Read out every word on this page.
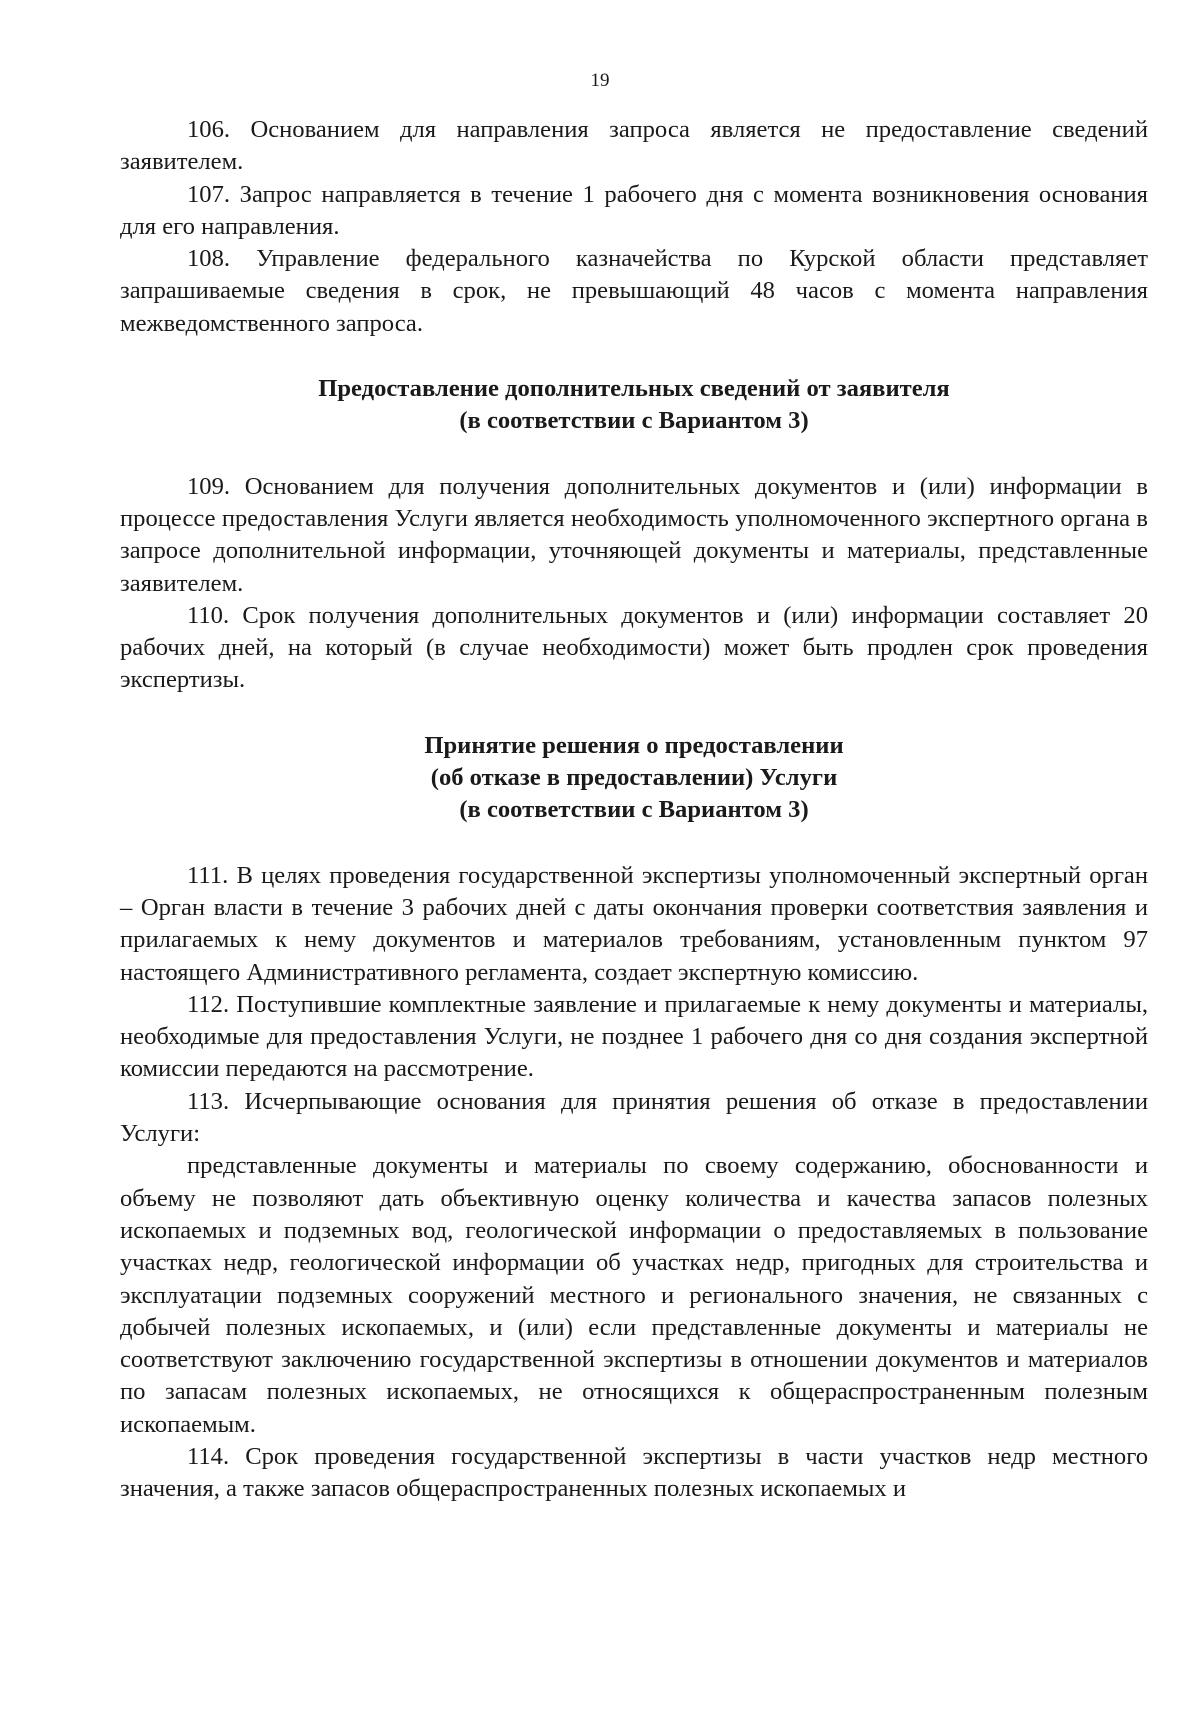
19

106. Основанием для направления запроса является не предоставление сведений заявителем.

107. Запрос направляется в течение 1 рабочего дня с момента возникновения основания для его направления.

108. Управление федерального казначейства по Курской области представляет запрашиваемые сведения в срок, не превышающий 48 часов с момента направления межведомственного запроса.

Предоставление дополнительных сведений от заявителя
(в соответствии с Вариантом 3)

109. Основанием для получения дополнительных документов и (или) информации в процессе предоставления Услуги является необходимость уполномоченного экспертного органа в запросе дополнительной информации, уточняющей документы и материалы, представленные заявителем.

110. Срок получения дополнительных документов и (или) информации составляет 20 рабочих дней, на который (в случае необходимости) может быть продлен срок проведения экспертизы.

Принятие решения о предоставлении
(об отказе в предоставлении) Услуги
(в соответствии с Вариантом 3)

111. В целях проведения государственной экспертизы уполномоченный экспертный орган – Орган власти в течение 3 рабочих дней с даты окончания проверки соответствия заявления и прилагаемых к нему документов и материалов требованиям, установленным пунктом 97 настоящего Административного регламента, создает экспертную комиссию.

112. Поступившие комплектные заявление и прилагаемые к нему документы и материалы, необходимые для предоставления Услуги, не позднее 1 рабочего дня со дня создания экспертной комиссии передаются на рассмотрение.

113. Исчерпывающие основания для принятия решения об отказе в предоставлении Услуги:

представленные документы и материалы по своему содержанию, обоснованности и объему не позволяют дать объективную оценку количества и качества запасов полезных ископаемых и подземных вод, геологической информации о предоставляемых в пользование участках недр, геологической информации об участках недр, пригодных для строительства и эксплуатации подземных сооружений местного и регионального значения, не связанных с добычей полезных ископаемых, и (или) если представленные документы и материалы не соответствуют заключению государственной экспертизы в отношении документов и материалов по запасам полезных ископаемых, не относящихся к общераспространенным полезным ископаемым.

114. Срок проведения государственной экспертизы в части участков недр местного значения, а также запасов общераспространенных полезных ископаемых и
